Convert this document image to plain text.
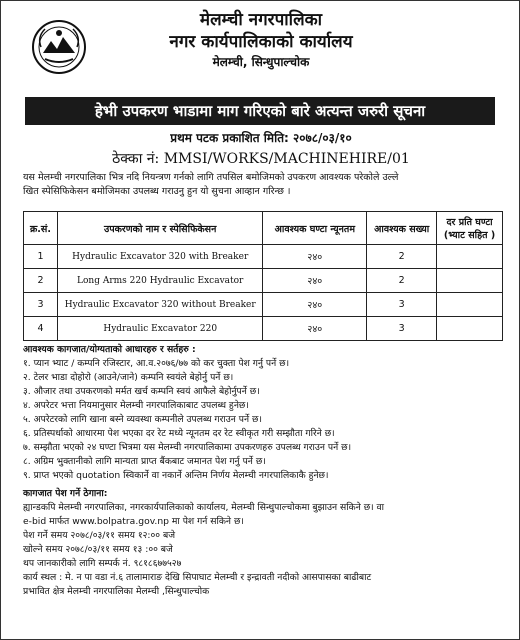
मेलम्ची नगरपालिका
नगर कार्यपालिकाको कार्यालय
मेलम्ची, सिन्धुपाल्चोक
हेभी उपकरण भाडामा माग गरिएको बारे अत्यन्त जरुरी सूचना
प्रथम पटक प्रकाशित मिति: २०७८/०३/१०
ठेक्का नं: MMSI/WORKS/MACHINEHIRE/01
यस मेलम्ची नगरपालिका भित्र नदि नियन्त्रण गर्नको लागि तपसिल बमोजिमको उपकरण आवश्यक परेकोले उल्ले
खित स्पेसिफिकेसन बमोजिमका उपलब्ध गराउनु हुन यो सुचना आव्हान गरिन्छ ।
क्र.सं.	उपकरणको नाम र स्पेसिफिकेसन	आवश्यक घण्टा न्यूनतम	आवश्यक सख्या	दर प्रति घण्टा (भ्याट सहित )
1	Hydraulic Excavator 320 with Breaker	२४०	2	
2	Long Arms 220 Hydraulic Excavator	२४०	2	
3	Hydraulic Excavator 320 without Breaker	२४०	3	
4	Hydraulic Excavator 220	२४०	3	

आवश्यक कागजात/योग्यताको आधारहरु र सर्तहरु :

१. प्यान भ्याट / कम्पनि रजिस्टार, आ.व.२०७६/७७ को कर चुक्ता पेश गर्नु पर्ने छ।

२. टेलर भाडा दोहोरो (आउने/जाने) कम्पनि स्वयंले बेहोर्नु पर्ने छ।

३. औजार तथा उपकरणको मर्मत खर्च कम्पनि स्वयं आफैले बेहोर्नुपर्ने छ।

४. अपरेटर भत्ता नियमानुसार मेलम्ची नगरपालिकाबाट उपलब्ध हुनेछ।

५. अपरेटरको लागि खाना बस्ने व्यवस्था कम्पनीले उपलब्ध गराउन पर्ने छ।

६. प्रतिस्पर्धाको आधारमा पेश भएका दर रेट मध्ये न्यूनतम दर रेट स्वीकृत गरी सम्झौता गरिने छ।

७. सम्झौता भएको २४ घण्टा भित्रमा यस मेलम्ची नगरपालिकामा उपकरणहरु उपलब्ध गराउन पर्ने छ।

८. अग्रिम भुक्तानीको लागि मान्यता प्राप्त बैंकबाट जमानत पेश गर्नु पर्ने छ।

९. प्राप्त भएको quotation स्विकार्ने वा नकार्ने अन्तिम निर्णय मेलम्ची नगरपालिकाकै हुनेछ।

कागजात पेश गर्ने ठेगाना:

ह्यान्डकपि मेलम्ची नगरपालिका, नगरकार्यपालिकाको कार्यालय, मेलम्ची सिन्धुपाल्चोकमा बुझाउन सकिने छ। वा

e-bid मार्फत www.bolpatra.gov.np मा पेश गर्न सकिने छ।

पेश गर्ने समय २०७८/०३/११ समय १२:०० बजे

खोल्ने समय २०७८/०३/११ समय १३ :०० बजे

थप जानकारीको लागि सम्पर्क नं. ९८१८६७७५२७

कार्य स्थल : मे. न पा वडा नं.६ तालामाराङ देखि सिपाघाट मेलम्ची र इन्द्रावती नदीको आसपासका बाढीबाट

प्रभावित क्षेत्र मेलम्ची नगरपालिका मेलम्ची ,सिन्धुपाल्चोक
